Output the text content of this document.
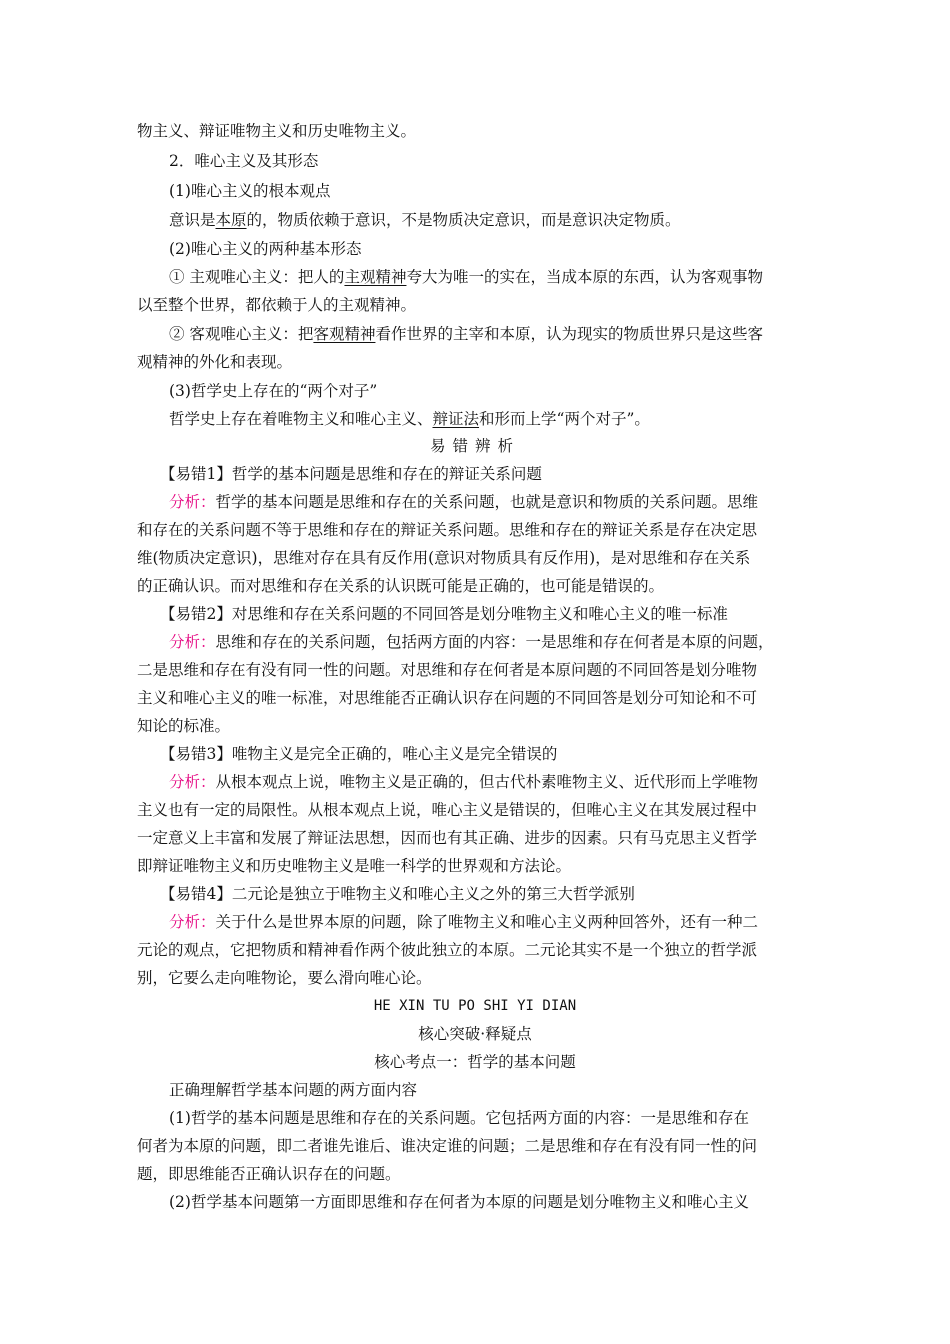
物主义、辩证唯物主义和历史唯物主义。
2．唯心主义及其形态
(1)唯心主义的根本观点
意识是本原的，物质依赖于意识，不是物质决定意识，而是意识决定物质。
(2)唯心主义的两种基本形态
① 主观唯心主义：把人的主观精神夸大为唯一的实在，当成本原的东西，认为客观事物
以至整个世界，都依赖于人的主观精神。
② 客观唯心主义：把客观精神看作世界的主宰和本原，认为现实的物质世界只是这些客
观精神的外化和表现。
(3)哲学史上存在的“两个对子”
哲学史上存在着唯物主义和唯心主义、辩证法和形而上学“两个对子”。
易错辨析
【易错1】哲学的基本问题是思维和存在的辩证关系问题
分析：哲学的基本问题是思维和存在的关系问题，也就是意识和物质的关系问题。思维
和存在的关系问题不等于思维和存在的辩证关系问题。思维和存在的辩证关系是存在决定思
维(物质决定意识)，思维对存在具有反作用(意识对物质具有反作用)，是对思维和存在关系
的正确认识。而对思维和存在关系的认识既可能是正确的，也可能是错误的。
【易错2】对思维和存在关系问题的不同回答是划分唯物主义和唯心主义的唯一标准
分析：思维和存在的关系问题，包括两方面的内容：一是思维和存在何者是本原的问题，
二是思维和存在有没有同一性的问题。对思维和存在何者是本原问题的不同回答是划分唯物
主义和唯心主义的唯一标准，对思维能否正确认识存在问题的不同回答是划分可知论和不可
知论的标准。
【易错3】唯物主义是完全正确的，唯心主义是完全错误的
分析：从根本观点上说，唯物主义是正确的，但古代朴素唯物主义、近代形而上学唯物
主义也有一定的局限性。从根本观点上说，唯心主义是错误的，但唯心主义在其发展过程中
一定意义上丰富和发展了辩证法思想，因而也有其正确、进步的因素。只有马克思主义哲学
即辩证唯物主义和历史唯物主义是唯一科学的世界观和方法论。
【易错4】二元论是独立于唯物主义和唯心主义之外的第三大哲学派别
分析：关于什么是世界本原的问题，除了唯物主义和唯心主义两种回答外，还有一种二
元论的观点，它把物质和精神看作两个彼此独立的本原。二元论其实不是一个独立的哲学派
别，它要么走向唯物论，要么滑向唯心论。
HE XIN TU PO SHI YI DIAN
核心突破·释疑点
核心考点一：哲学的基本问题
正确理解哲学基本问题的两方面内容
(1)哲学的基本问题是思维和存在的关系问题。它包括两方面的内容：一是思维和存在
何者为本原的问题，即二者谁先谁后、谁决定谁的问题；二是思维和存在有没有同一性的问
题，即思维能否正确认识存在的问题。
(2)哲学基本问题第一方面即思维和存在何者为本原的问题是划分唯物主义和唯心主义
